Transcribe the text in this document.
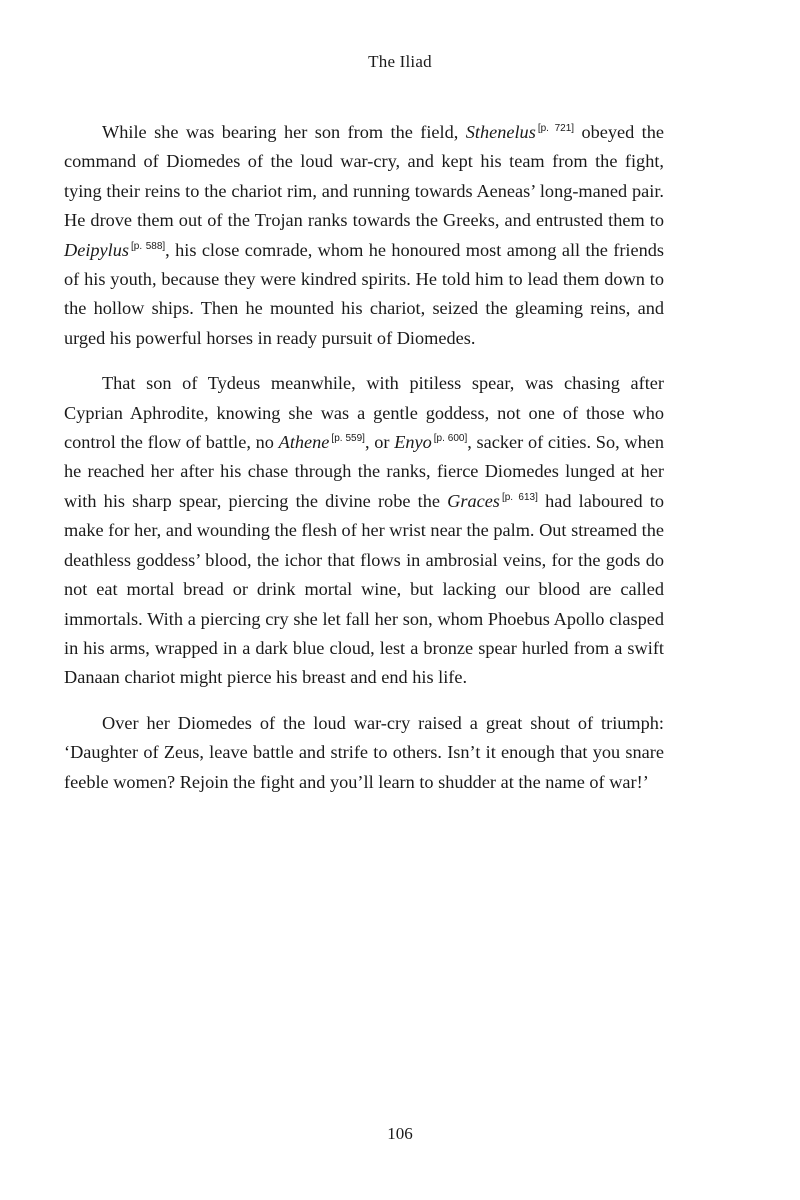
The Iliad

While she was bearing her son from the field, Sthenelus [p. 721] obeyed the command of Diomedes of the loud war-cry, and kept his team from the fight, tying their reins to the chariot rim, and running towards Aeneas’ long-maned pair. He drove them out of the Trojan ranks towards the Greeks, and entrusted them to Deipylus [p. 588], his close comrade, whom he honoured most among all the friends of his youth, because they were kindred spirits. He told him to lead them down to the hollow ships. Then he mounted his chariot, seized the gleaming reins, and urged his powerful horses in ready pursuit of Diomedes.

That son of Tydeus meanwhile, with pitiless spear, was chasing after Cyprian Aphrodite, knowing she was a gentle goddess, not one of those who control the flow of battle, no Athene [p. 559], or Enyo [p. 600], sacker of cities. So, when he reached her after his chase through the ranks, fierce Diomedes lunged at her with his sharp spear, piercing the divine robe the Graces [p. 613] had laboured to make for her, and wounding the flesh of her wrist near the palm. Out streamed the deathless goddess’ blood, the ichor that flows in ambrosial veins, for the gods do not eat mortal bread or drink mortal wine, but lacking our blood are called immortals. With a piercing cry she let fall her son, whom Phoebus Apollo clasped in his arms, wrapped in a dark blue cloud, lest a bronze spear hurled from a swift Danaan chariot might pierce his breast and end his life.

Over her Diomedes of the loud war-cry raised a great shout of triumph: ‘Daughter of Zeus, leave battle and strife to others. Isn’t it enough that you snare feeble women? Rejoin the fight and you’ll learn to shudder at the name of war!’

106
